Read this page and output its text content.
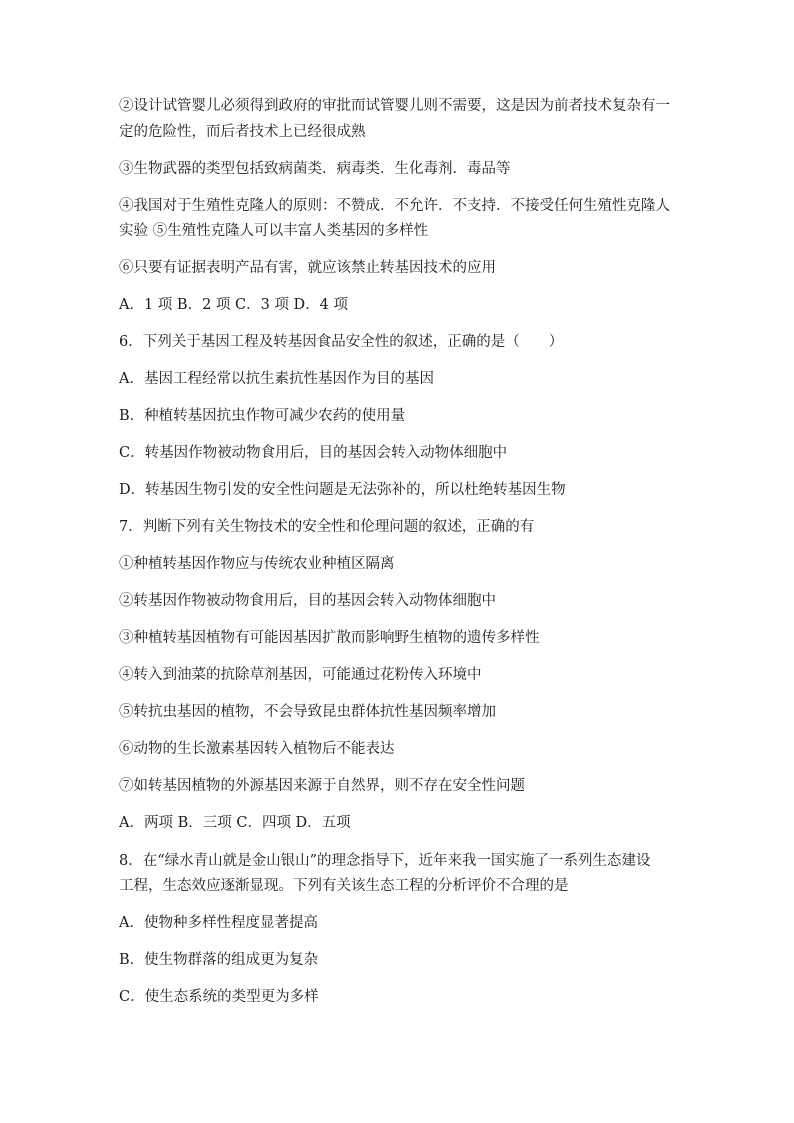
②设计试管婴儿必须得到政府的审批而试管婴儿则不需要，这是因为前者技术复杂有一
定的危险性，而后者技术上已经很成熟
③生物武器的类型包括致病菌类．病毒类．生化毒剂．毒品等
④我国对于生殖性克隆人的原则：不赞成．不允许．不支持．不接受任何生殖性克隆人
实验 ⑤生殖性克隆人可以丰富人类基因的多样性
⑥只要有证据表明产品有害，就应该禁止转基因技术的应用
A．1 项 B．2 项 C．3 项 D．4 项
6．下列关于基因工程及转基因食品安全性的叙述，正确的是（　　）
A．基因工程经常以抗生素抗性基因作为目的基因
B．种植转基因抗虫作物可减少农药的使用量
C．转基因作物被动物食用后，目的基因会转入动物体细胞中
D．转基因生物引发的安全性问题是无法弥补的，所以杜绝转基因生物
7．判断下列有关生物技术的安全性和伦理问题的叙述，正确的有
①种植转基因作物应与传统农业种植区隔离
②转基因作物被动物食用后，目的基因会转入动物体细胞中
③种植转基因植物有可能因基因扩散而影响野生植物的遗传多样性
④转入到油菜的抗除草剂基因，可能通过花粉传入环境中
⑤转抗虫基因的植物，不会导致昆虫群体抗性基因频率增加
⑥动物的生长激素基因转入植物后不能表达
⑦如转基因植物的外源基因来源于自然界，则不存在安全性问题
A．两项 B．三项 C．四项 D．五项
8．在“绿水青山就是金山银山”的理念指导下，近年来我一国实施了一系列生态建设
工程，生态效应逐渐显现。下列有关该生态工程的分析评价不合理的是
A．使物种多样性程度显著提高
B．使生物群落的组成更为复杂
C．使生态系统的类型更为多样
